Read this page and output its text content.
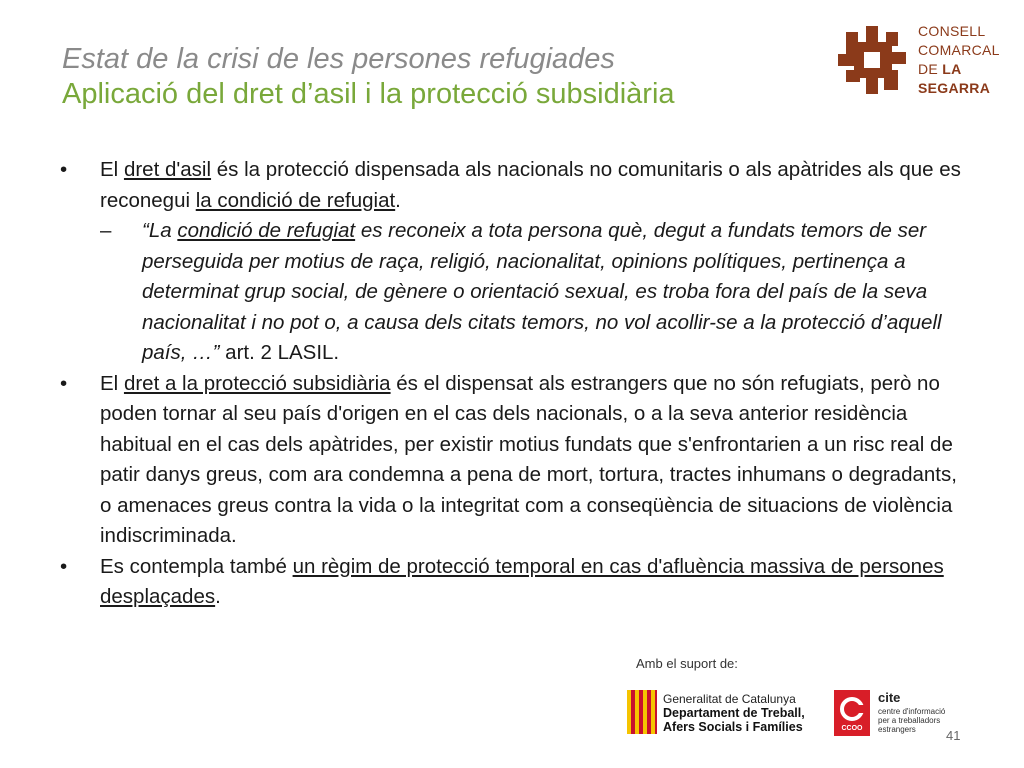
Estat de la crisi de les persones refugiades
Aplicació del dret d’asil i la protecció subsidiària
CONSELL
COMARCAL
DE LA
SEGARRA
• El dret d'asil és la protecció dispensada als nacionals no comunitaris o als apàtrides als que es reconegui la condició de refugiat.
– “La condició de refugiat es reconeix a tota persona què, degut a fundats temors de ser perseguida per motius de raça, religió, nacionalitat, opinions polítiques, pertinença a determinat grup social, de gènere o orientació sexual, es troba fora del país de la seva nacionalitat i no pot o, a causa dels citats temors, no vol acollir-se a la protecció d’aquell país, …” art. 2 LASIL.
• El dret a la protecció subsidiària és el dispensat als estrangers que no són refugiats, però no poden tornar al seu país d'origen en el cas dels nacionals, o a la seva anterior residència habitual en el cas dels apàtrides, per existir motius fundats que s'enfrontarien a un risc real de patir danys greus, com ara condemna a pena de mort, tortura, tractes inhumans o degradants, o amenaces greus contra la vida o la integritat com a conseqüència de situacions de violència indiscriminada.
• Es contempla també un règim de protecció temporal en cas d'afluència massiva de persones desplaçades.
Amb el suport de:
Generalitat de Catalunya
Departament de Treball,
Afers Socials i Famílies	CCOO
cite
centre d'informació
per a treballadors
estrangers	41
